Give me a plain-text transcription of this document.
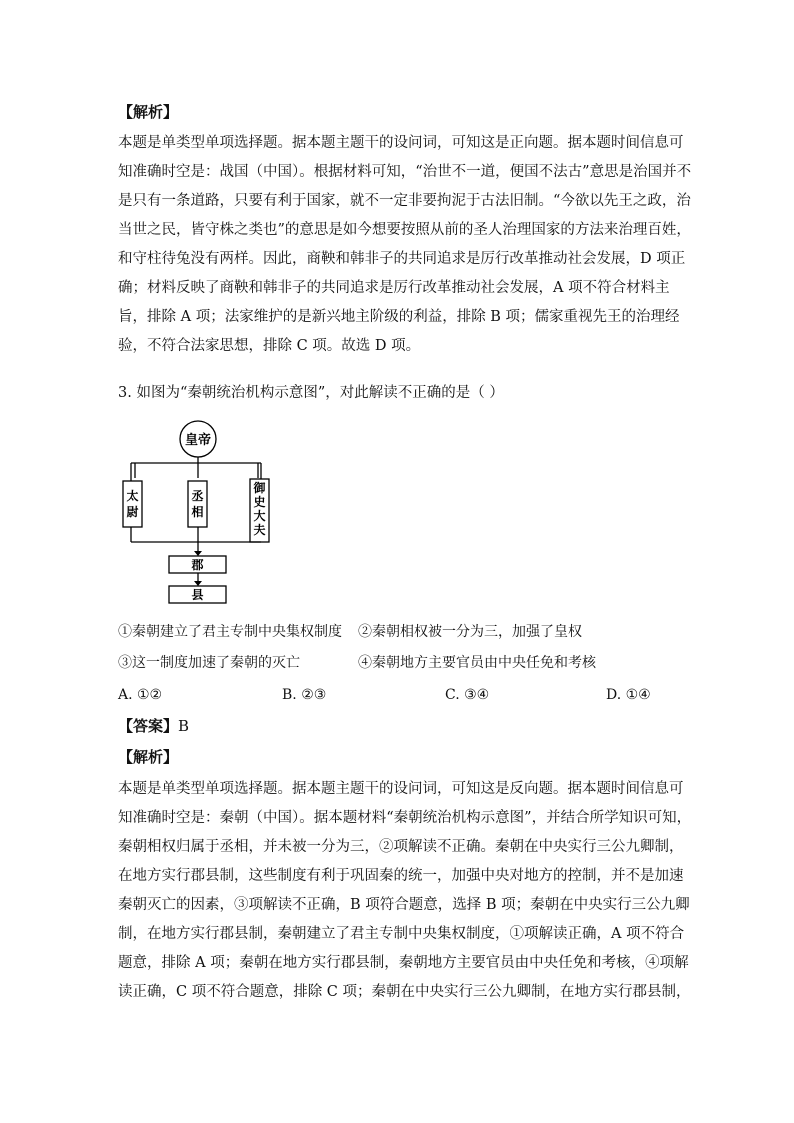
【解析】
本题是单类型单项选择题。据本题主题干的设问词，可知这是正向题。据本题时间信息可
知准确时空是：战国（中国）。根据材料可知，“治世不一道，便国不法古”意思是治国并不
是只有一条道路，只要有利于国家，就不一定非要拘泥于古法旧制。“今欲以先王之政，治
当世之民，皆守株之类也”的意思是如今想要按照从前的圣人治理国家的方法来治理百姓，
和守柱待兔没有两样。因此，商鞅和韩非子的共同追求是厉行改革推动社会发展，D 项正
确；材料反映了商鞅和韩非子的共同追求是厉行改革推动社会发展，A 项不符合材料主
旨，排除 A 项；法家维护的是新兴地主阶级的利益，排除 B 项；儒家重视先王的治理经
验，不符合法家思想，排除 C 项。故选 D 项。
3. 如图为“秦朝统治机构示意图”，对此解读不正确的是（ ）
皇帝
太
尉
丞
相
御
史
大
夫
郡
县
①秦朝建立了君主专制中央集权制度 ②秦朝相权被一分为三，加强了皇权
③这一制度加速了秦朝的灭亡	④秦朝地方主要官员由中央任免和考核
A. ①②	B. ②③	C. ③④	D. ①④
【答案】B
【解析】
本题是单类型单项选择题。据本题主题干的设问词，可知这是反向题。据本题时间信息可
知准确时空是：秦朝（中国）。据本题材料“秦朝统治机构示意图”，并结合所学知识可知，
秦朝相权归属于丞相，并未被一分为三，②项解读不正确。秦朝在中央实行三公九卿制，
在地方实行郡县制，这些制度有利于巩固秦的统一，加强中央对地方的控制，并不是加速
秦朝灭亡的因素，③项解读不正确，B 项符合题意，选择 B 项；秦朝在中央实行三公九卿
制，在地方实行郡县制，秦朝建立了君主专制中央集权制度，①项解读正确，A 项不符合
题意，排除 A 项；秦朝在地方实行郡县制，秦朝地方主要官员由中央任免和考核，④项解
读正确，C 项不符合题意，排除 C 项；秦朝在中央实行三公九卿制，在地方实行郡县制，
